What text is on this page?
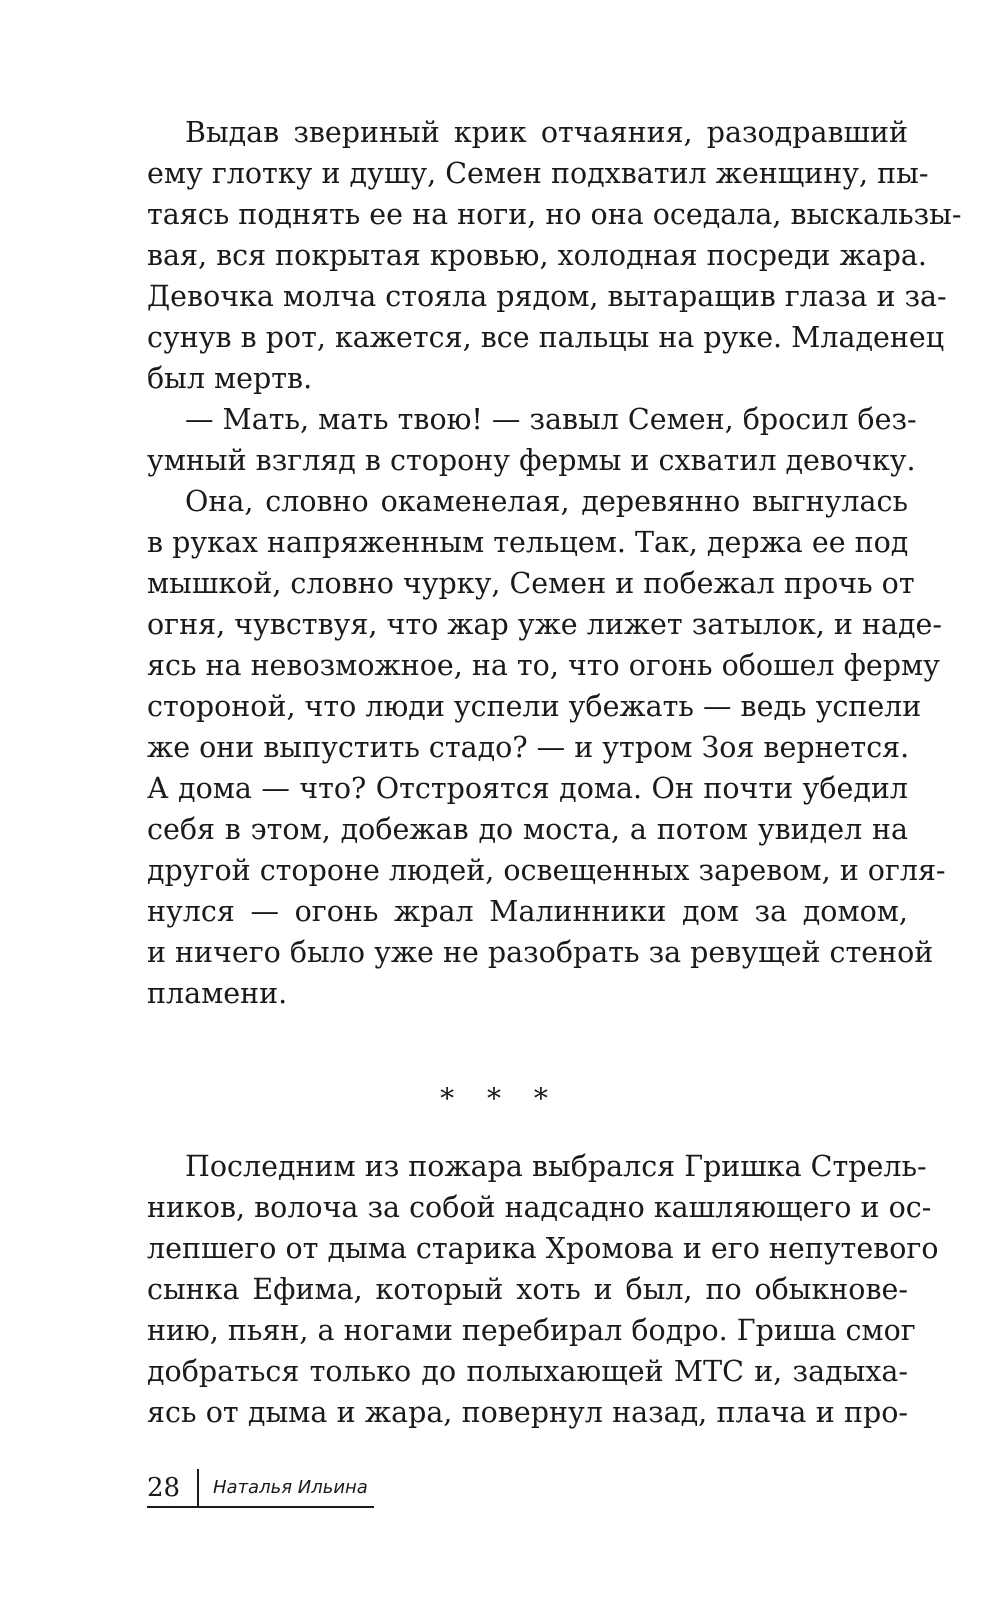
Выдав звериный крик отчаяния, разодравший
ему глотку и душу, Семен подхватил женщину, пы-
таясь поднять ее на ноги, но она оседала, выскальзы-
вая, вся покрытая кровью, холодная посреди жара.
Девочка молча стояла рядом, вытаращив глаза и за-
сунув в рот, кажется, все пальцы на руке. Младенец
был мертв.
— Мать, мать твою! — завыл Семен, бросил без-
умный взгляд в сторону фермы и схватил девочку.
Она, словно окаменелая, деревянно выгнулась
в руках напряженным тельцем. Так, держа ее под
мышкой, словно чурку, Семен и побежал прочь от
огня, чувствуя, что жар уже лижет затылок, и наде-
ясь на невозможное, на то, что огонь обошел ферму
стороной, что люди успели убежать — ведь успели
же они выпустить стадо? — и утром Зоя вернется.
А дома — что? Отстроятся дома. Он почти убедил
себя в этом, добежав до моста, а потом увидел на
другой стороне людей, освещенных заревом, и огля-
нулся — огонь жрал Малинники дом за домом,
и ничего было уже не разобрать за ревущей стеной
пламени.
* * *
Последним из пожара выбрался Гришка Стрель-
ников, волоча за собой надсадно кашляющего и ос-
лепшего от дыма старика Хромова и его непутевого
сынка Ефима, который хоть и был, по обыкнове-
нию, пьян, а ногами перебирал бодро. Гриша смог
добраться только до полыхающей МТС и, задыха-
ясь от дыма и жара, повернул назад, плача и про-
28	Наталья Ильина
